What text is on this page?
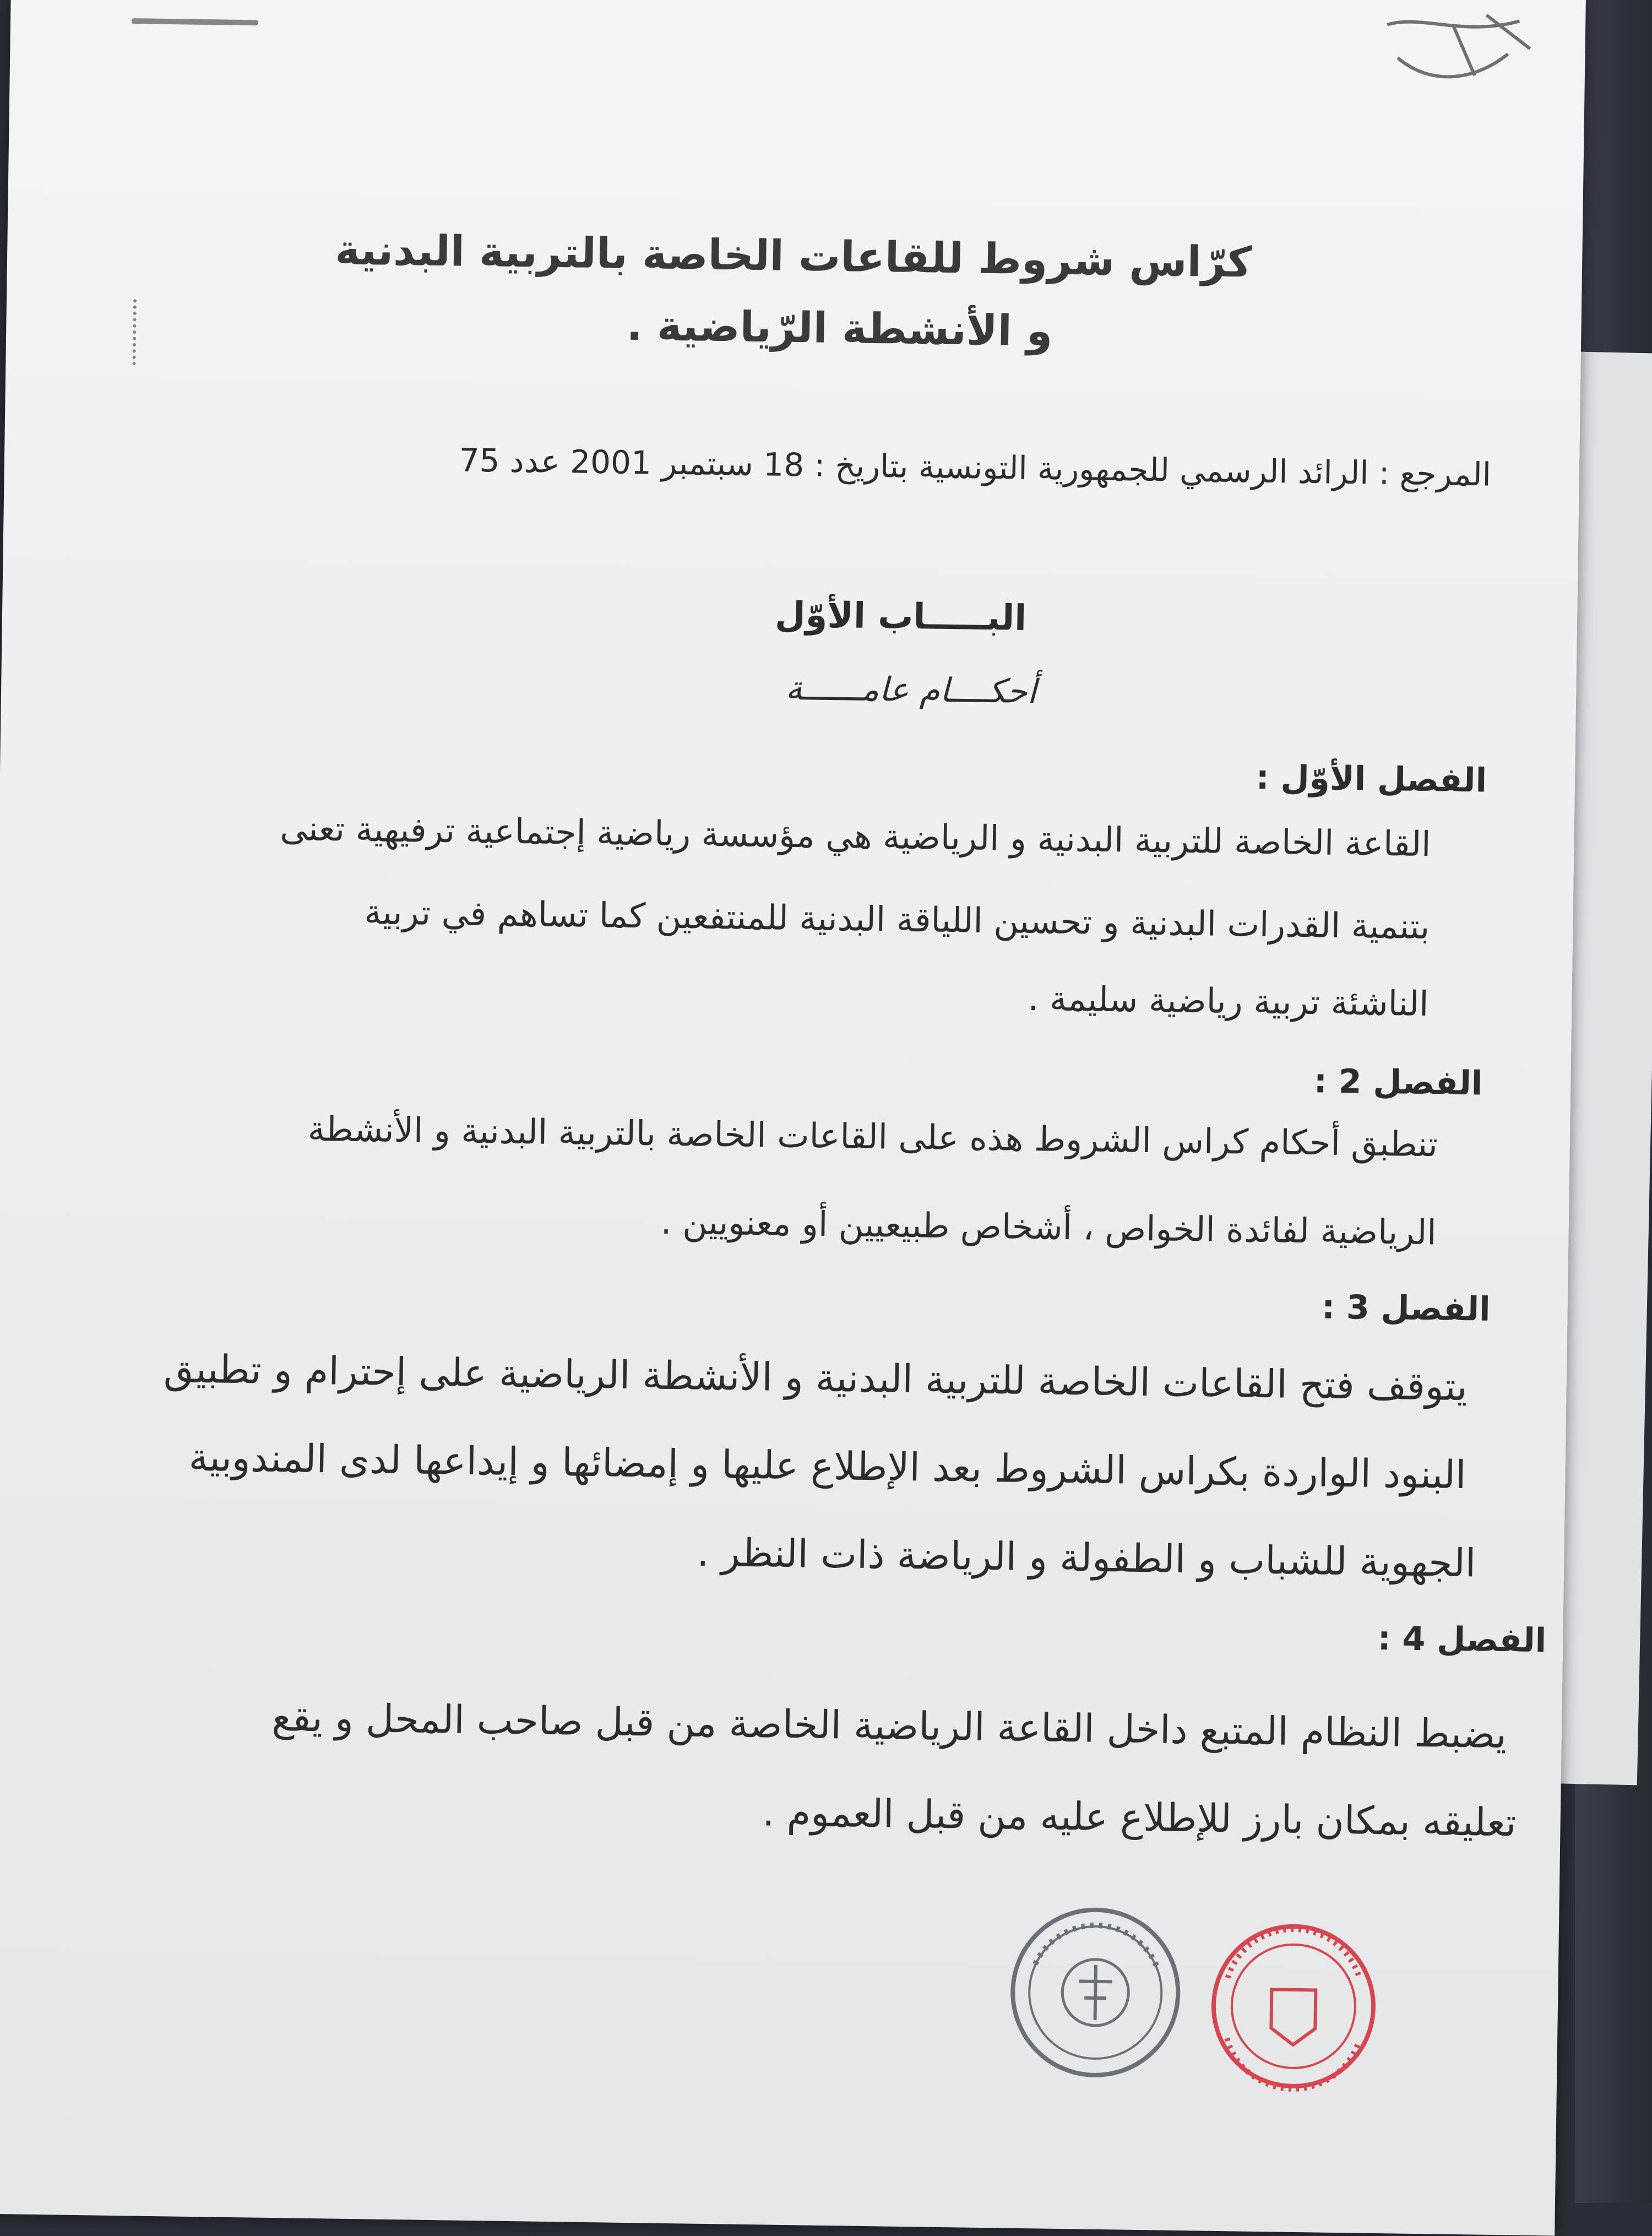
كرّاس شروط للقاعات الخاصة بالتربية البدنية
و الأنشطة الرّياضية .
المرجع : الرائد الرسمي للجمهورية التونسية بتاريخ : 18 سبتمبر 2001 عدد 75
البـــــاب الأوّل
أحكــــام عامــــــة
الفصل الأوّل :
القاعة الخاصة للتربية البدنية و الرياضية هي مؤسسة رياضية إجتماعية ترفيهية تعنى
بتنمية القدرات البدنية و تحسين اللياقة البدنية للمنتفعين كما تساهم في تربية
الناشئة تربية رياضية سليمة .
الفصل 2 :
تنطبق أحكام كراس الشروط هذه على القاعات الخاصة بالتربية البدنية و الأنشطة
الرياضية لفائدة الخواص ، أشخاص طبيعيين أو معنويين .
الفصل 3 :
يتوقف فتح القاعات الخاصة للتربية البدنية و الأنشطة الرياضية على إحترام و تطبيق
البنود الواردة بكراس الشروط بعد الإطلاع عليها و إمضائها و إيداعها لدى المندوبية
الجهوية للشباب و الطفولة و الرياضة ذات النظر .
الفصل 4 :
يضبط النظام المتبع داخل القاعة الرياضية الخاصة من قبل صاحب المحل و يقع
تعليقه بمكان بارز للإطلاع عليه من قبل العموم .
